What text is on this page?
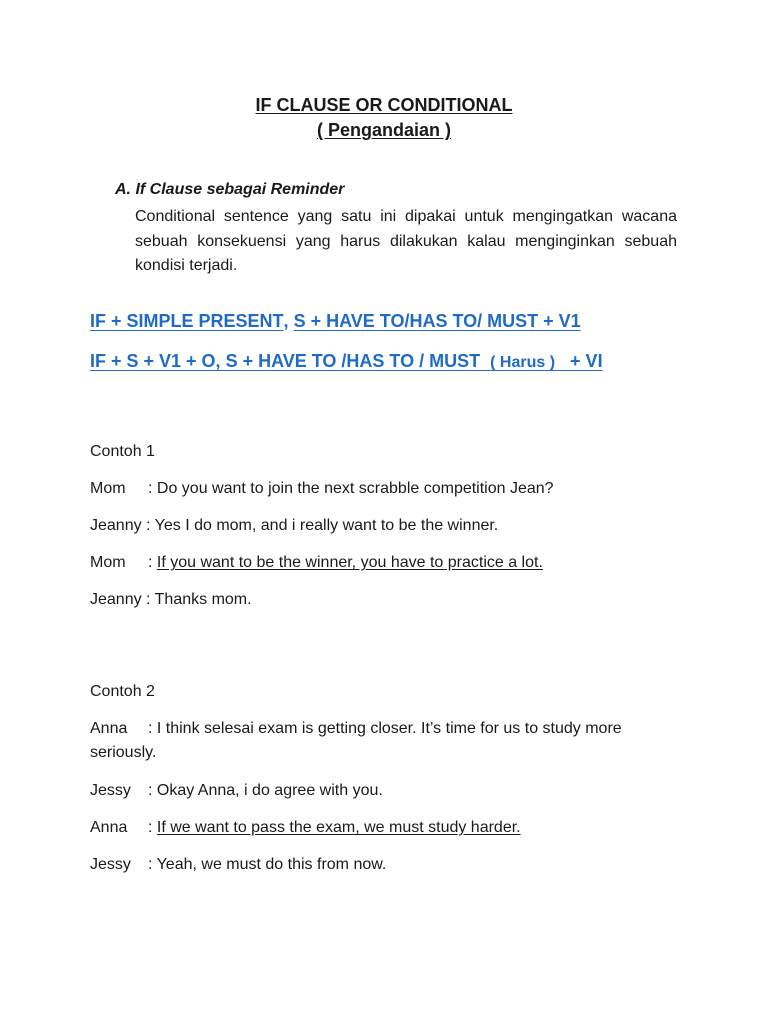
IF CLAUSE OR CONDITIONAL
( Pengandaian )
A. If Clause sebagai Reminder
Conditional sentence yang satu ini dipakai untuk mengingatkan wacana sebuah konsekuensi yang harus dilakukan kalau menginginkan sebuah kondisi terjadi.
IF + SIMPLE PRESENT, S + HAVE TO/HAS TO/ MUST + V1
IF + S + V1 + O, S + HAVE TO /HAS TO / MUST ( Harus ) + VI
Contoh 1
Mom : Do you want to join the next scrabble competition Jean?
Jeanny : Yes I do mom, and i really want to be the winner.
Mom : If you want to be the winner, you have to practice a lot.
Jeanny : Thanks mom.
Contoh 2
Anna : I think selesai exam is getting closer. It’s time for us to study more seriously.
Jessy : Okay Anna, i do agree with you.
Anna : If we want to pass the exam, we must study harder.
Jessy : Yeah, we must do this from now.
